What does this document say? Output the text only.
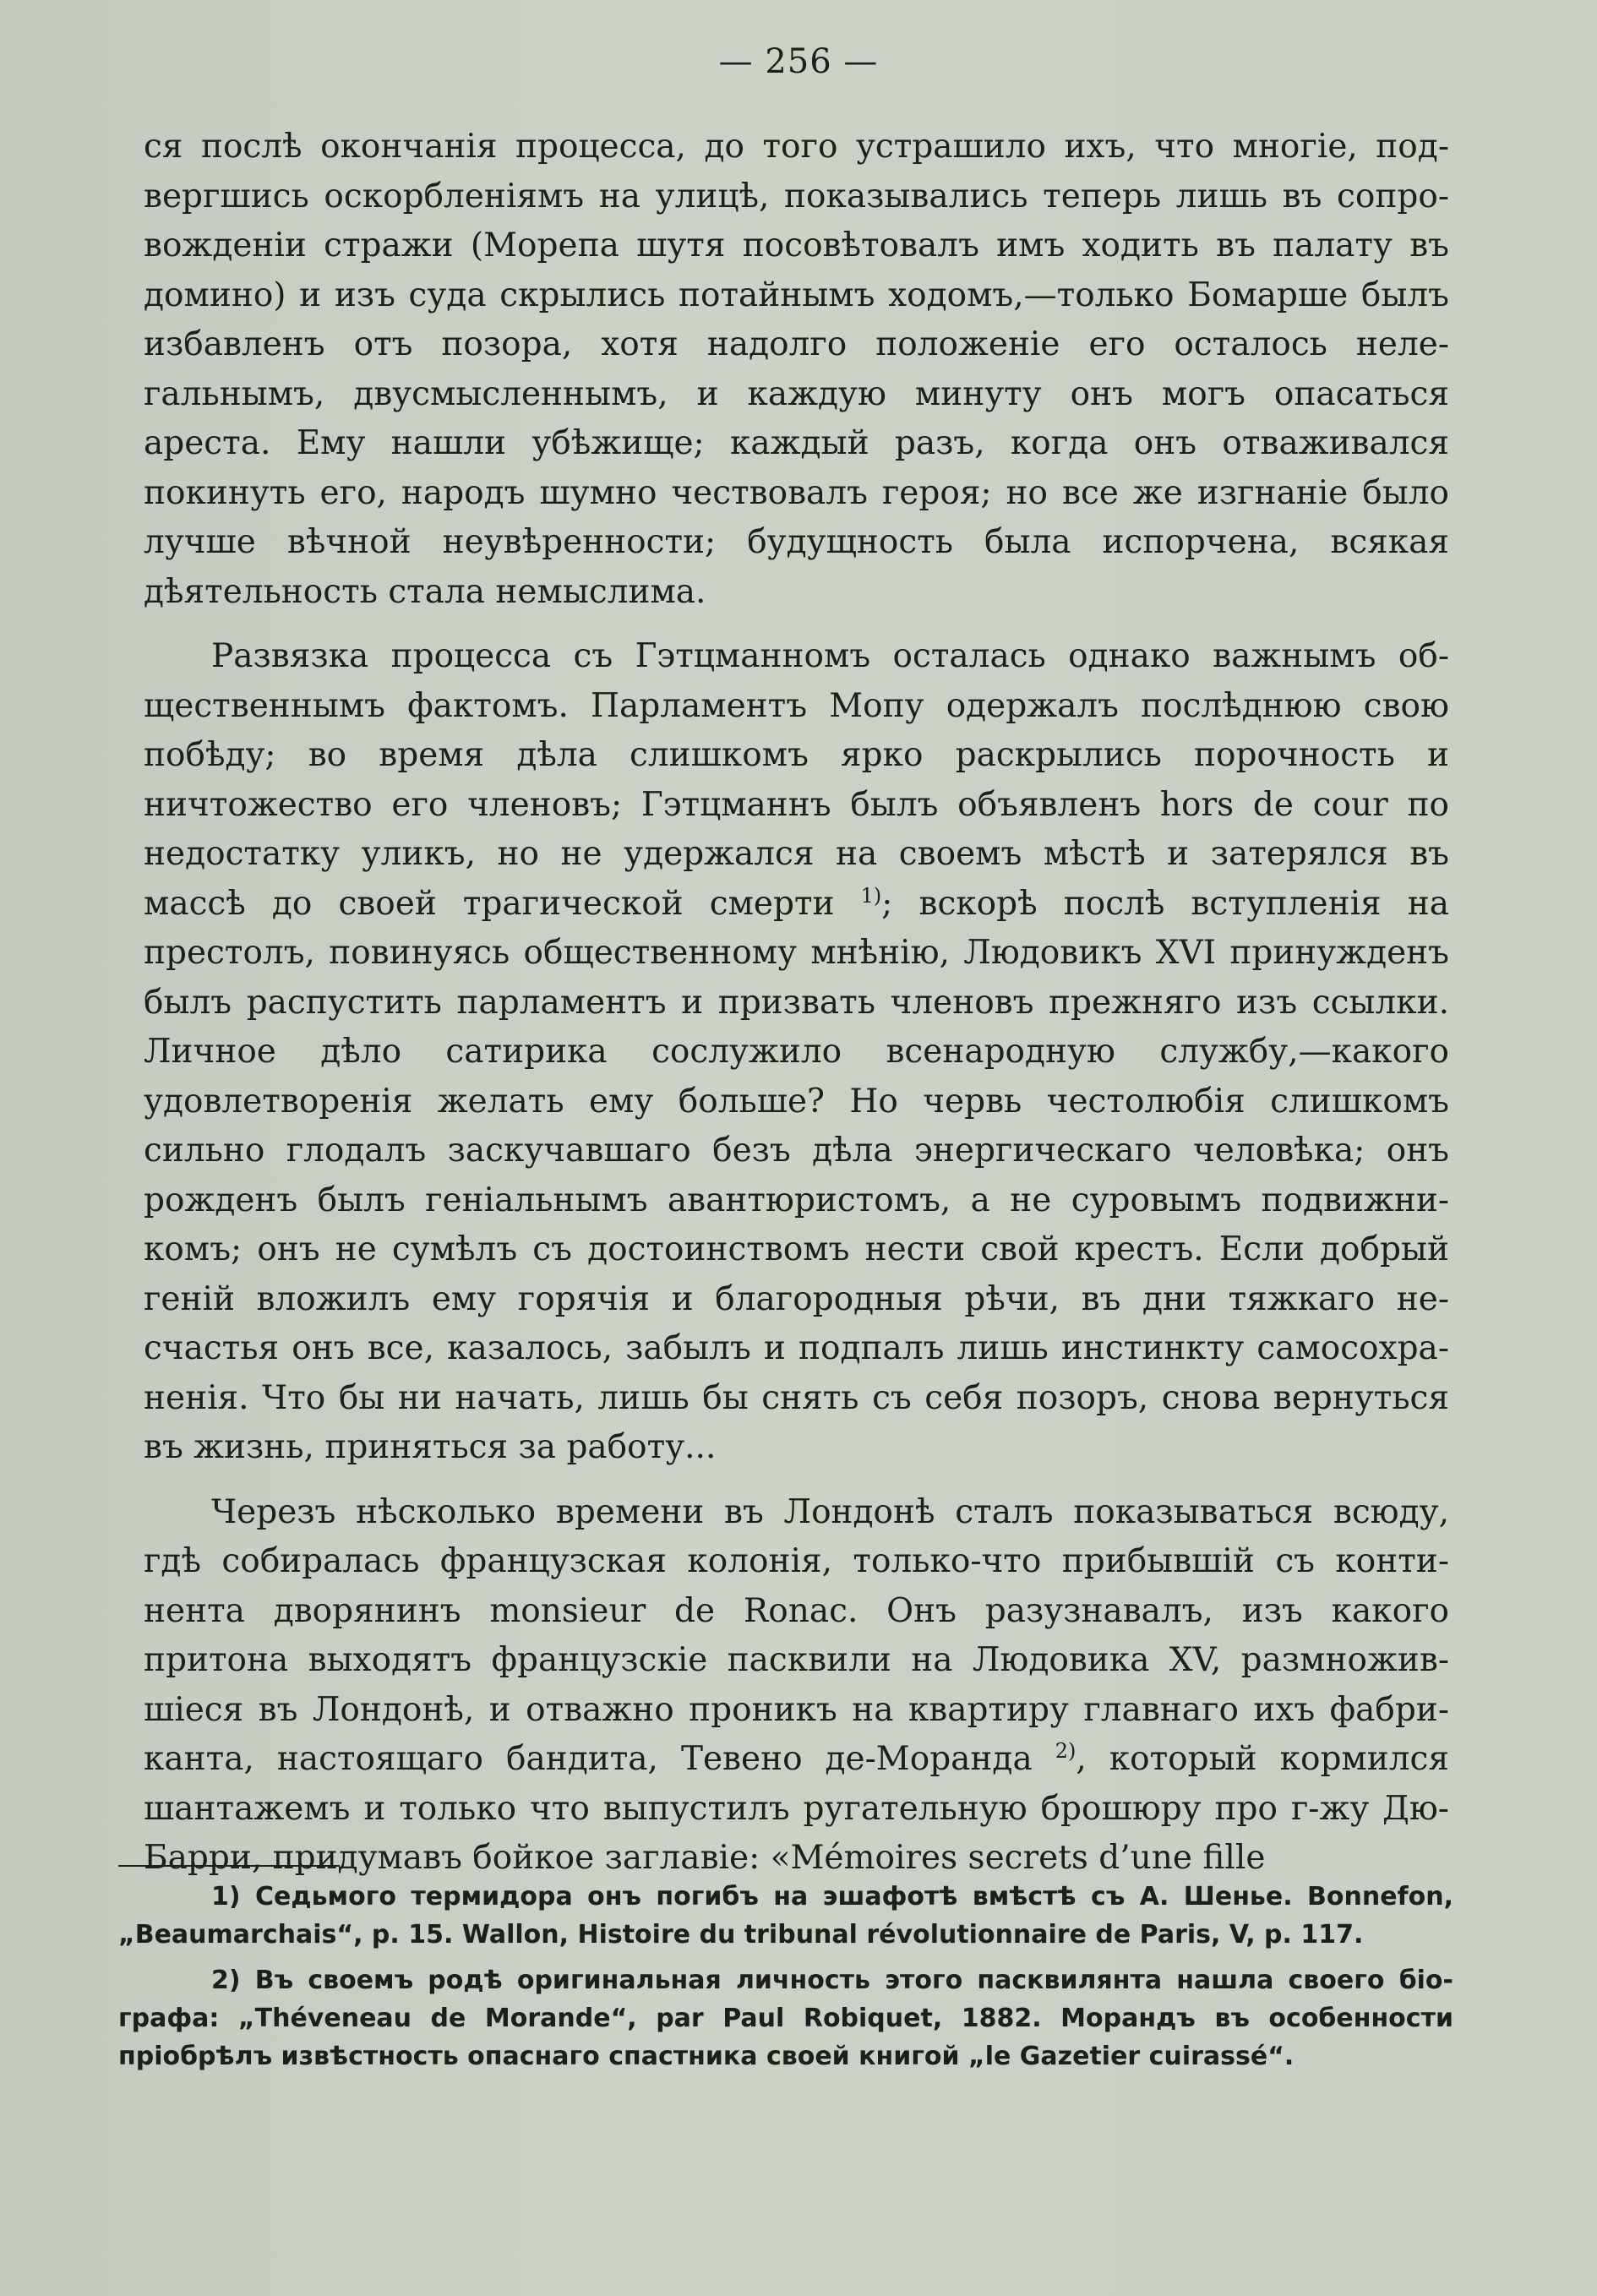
— 256 —

ся послѣ окончанія процесса, до того устрашило ихъ, что многіе, подвергшись оскорбленіямъ на улицѣ, показывались теперь лишь въ сопровожденіи стражи (Морепа шутя посовѣтовалъ имъ ходить въ палату въ домино) и изъ суда скрылись потайнымъ ходомъ,—только Бомарше былъ избавленъ отъ позора, хотя надолго положеніе его осталось нелегальнымъ, двусмысленнымъ, и каждую минуту онъ могъ опасаться ареста. Ему нашли убѣжище; каждый разъ, когда онъ отваживался покинуть его, народъ шумно чествовалъ героя; но все же изгнаніе было лучше вѣчной неувѣренности; будущность была испорчена, всякая дѣятельность стала немыслима.

Развязка процесса съ Гэтцманномъ осталась однако важнымъ общественнымъ фактомъ. Парламентъ Мопу одержалъ послѣднюю свою побѣду; во время дѣла слишкомъ ярко раскрылись порочность и ничтожество его членовъ; Гэтцманнъ былъ объявленъ hors de cour по недостатку уликъ, но не удержался на своемъ мѣстѣ и затерялся въ массѣ до своей трагической смерти $^{1)}$; вскорѣ послѣ вступленія на престолъ, повинуясь общественному мнѣнію, Людовикъ XVI принужденъ былъ распустить парламентъ и призвать членовъ прежняго изъ ссылки. Личное дѣло сатирика сослужило всенародную службу,—какого удовлетворенія желать ему больше? Но червь честолюбія слишкомъ сильно глодалъ заскучавшаго безъ дѣла энергическаго человѣка; онъ рожденъ былъ геніальнымъ авантюристомъ, а не суровымъ подвижникомъ; онъ не сумѣлъ съ достоинствомъ нести свой крестъ. Если добрый геній вложилъ ему горячія и благородныя рѣчи, въ дни тяжкаго несчастья онъ все, казалось, забылъ и подпалъ лишь инстинкту самосохраненія. Что бы ни начать, лишь бы снять съ себя позоръ, снова вернуться въ жизнь, приняться за работу...

Черезъ нѣсколько времени въ Лондонѣ сталъ показываться всюду, гдѣ собиралась французская колонія, только-что прибывшій съ континента дворянинъ monsieur de Ronac. Онъ разузнавалъ, изъ какого притона выходятъ французскіе пасквили на Людовика XV, размножившіеся въ Лондонѣ, и отважно проникъ на квартиру главнаго ихъ фабриканта, настоящаго бандита, Тевено де-Моранда $^{2)}$, который кормился шантажемъ и только что выпустилъ ругательную брошюру про г-жу Дю-Барри, придумавъ бойкое заглавіе: «Mémoires secrets d’une fille

1) Седьмого термидора онъ погибъ на эшафотѣ вмѣстѣ съ А. Шенье. Bonnefon, „Beaumarchais“, p. 15. Wallon, Histoire du tribunal révolutionnaire de Paris, V, p. 117.

2) Въ своемъ родѣ оригинальная личность этого пасквилянта нашла своего біографа: „Thévеneau de Morande“, par Paul Robiquet, 1882. Морандъ въ особенности пріобрѣлъ извѣстность опаснаго спастника своей книгой „le Gazetier cuirassé“.
